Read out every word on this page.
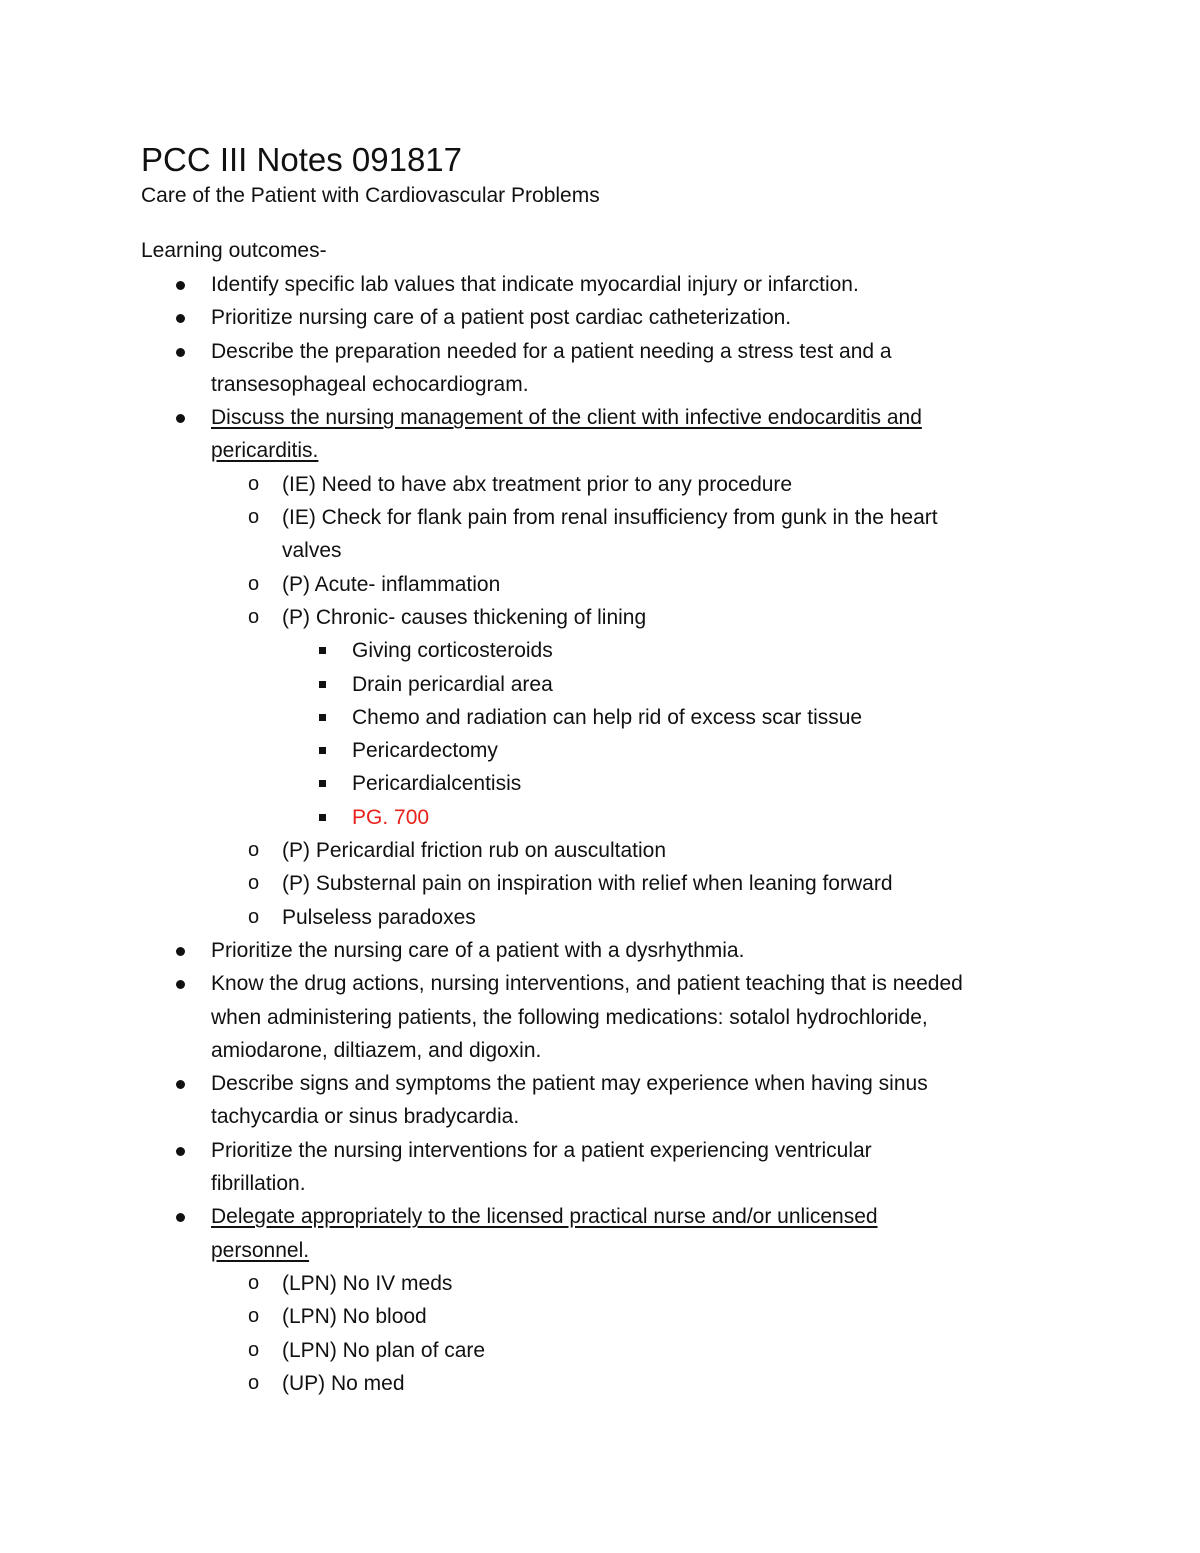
PCC III Notes 091817
Care of the Patient with Cardiovascular Problems
Learning outcomes-
Identify specific lab values that indicate myocardial injury or infarction.
Prioritize nursing care of a patient post cardiac catheterization.
Describe the preparation needed for a patient needing a stress test and a
transesophageal echocardiogram.
Discuss the nursing management of the client with infective endocarditis and
pericarditis.
o (IE) Need to have abx treatment prior to any procedure
o (IE) Check for flank pain from renal insufficiency from gunk in the heart
valves
o (P) Acute- inflammation
o (P) Chronic- causes thickening of lining
Giving corticosteroids
Drain pericardial area
Chemo and radiation can help rid of excess scar tissue
Pericardectomy
Pericardialcentisis
PG. 700
o (P) Pericardial friction rub on auscultation
o (P) Substernal pain on inspiration with relief when leaning forward
o Pulseless paradoxes
Prioritize the nursing care of a patient with a dysrhythmia.
Know the drug actions, nursing interventions, and patient teaching that is needed
when administering patients, the following medications: sotalol hydrochloride,
amiodarone, diltiazem, and digoxin.
Describe signs and symptoms the patient may experience when having sinus
tachycardia or sinus bradycardia.
Prioritize the nursing interventions for a patient experiencing ventricular
fibrillation.
Delegate appropriately to the licensed practical nurse and/or unlicensed
personnel.
o (LPN) No IV meds
o (LPN) No blood
o (LPN) No plan of care
o (UP) No med
